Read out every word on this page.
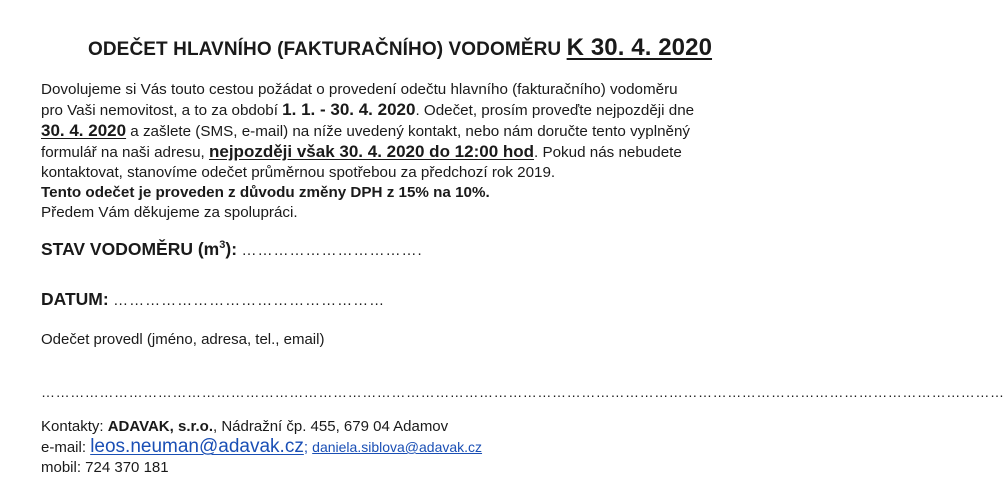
ODEČET HLAVNÍHO (FAKTURAČNÍHO) VODOMĚRU K 30. 4. 2020
Dovolujeme si Vás touto cestou požádat o provedení odečtu hlavního (fakturačního) vodoměru
pro Vaši nemovitost, a to za období 1. 1. - 30. 4. 2020. Odečet, prosím proveďte nejpozději dne
30. 4. 2020 a zašlete (SMS, e-mail) na níže uvedený kontakt, nebo nám doručte tento vyplněný
formulář na naši adresu, nejpozději však 30. 4. 2020 do 12:00 hod. Pokud nás nebudete
kontaktovat, stanovíme odečet průměrnou spotřebou za předchozí rok 2019.
Tento odečet je proveden z důvodu změny DPH z 15% na 10%.
Předem Vám děkujeme za spolupráci.
STAV VODOMĚRU $(m^3)$: …………………………….
DATUM: ……………………………………………
Odečet provedl (jméno, adresa, tel., email)
………………………………………………………………………………………………………………………………………………………………………………
Kontakty: ADAVAK, s.r.o., Nádražní čp. 455, 679 04 Adamov
e-mail: leos.neuman@adavak.cz; daniela.siblova@adavak.cz
mobil: 724 370 181
